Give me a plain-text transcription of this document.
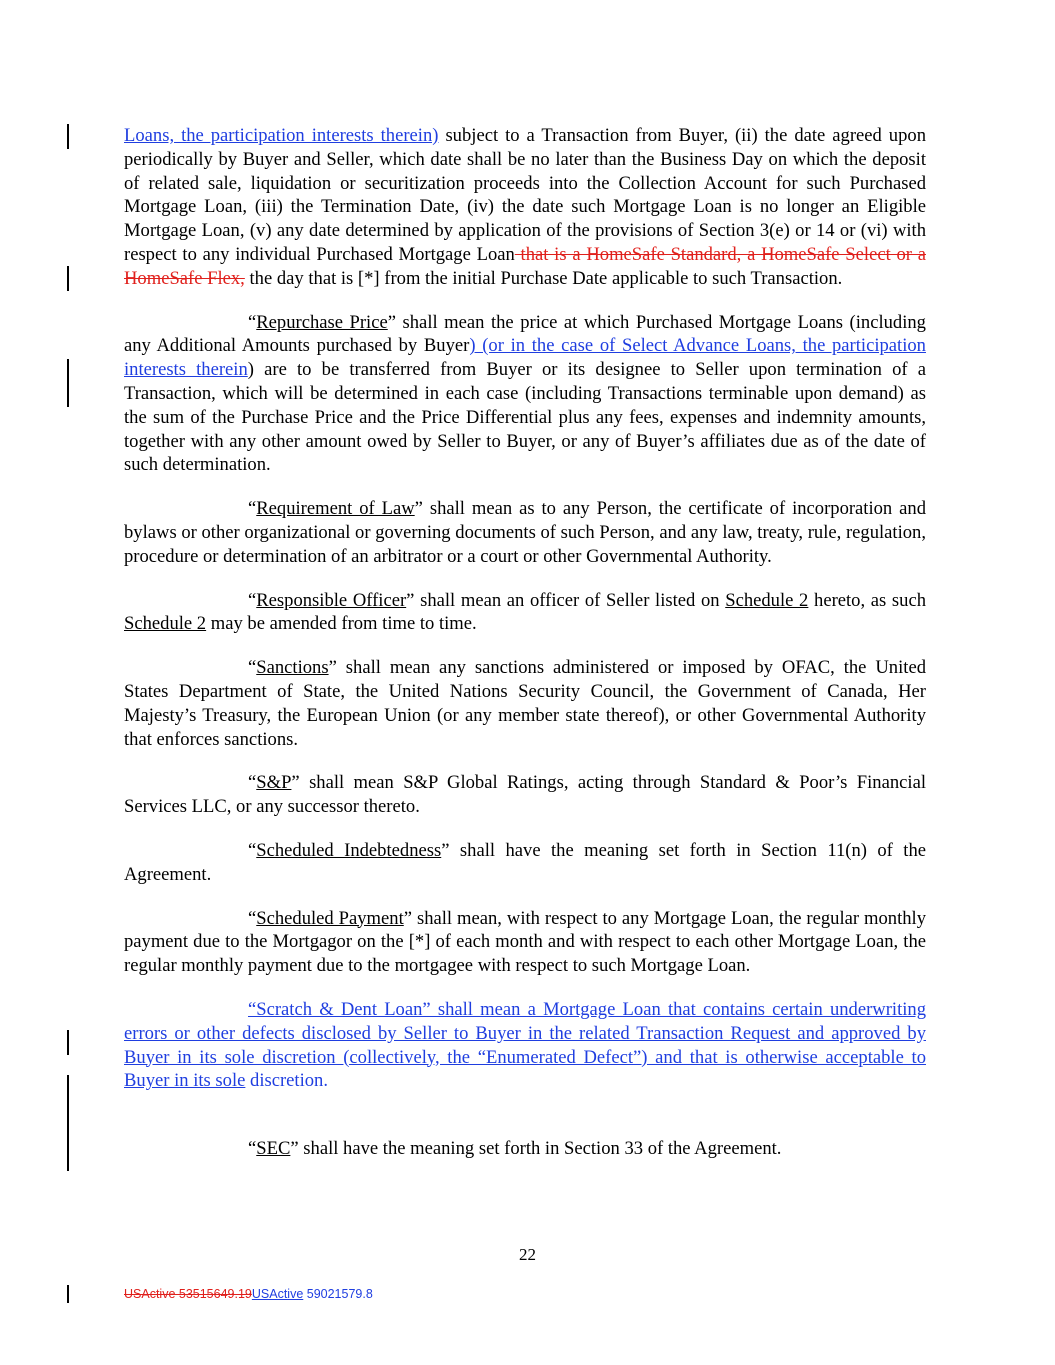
Loans, the participation interests therein) subject to a Transaction from Buyer, (ii) the date agreed upon periodically by Buyer and Seller, which date shall be no later than the Business Day on which the deposit of related sale, liquidation or securitization proceeds into the Collection Account for such Purchased Mortgage Loan, (iii) the Termination Date, (iv) the date such Mortgage Loan is no longer an Eligible Mortgage Loan, (v) any date determined by application of the provisions of Section 3(e) or 14 or (vi) with respect to any individual Purchased Mortgage Loan that is a HomeSafe Standard, a HomeSafe Select or a HomeSafe Flex, the day that is [*] from the initial Purchase Date applicable to such Transaction.

“Repurchase Price” shall mean the price at which Purchased Mortgage Loans (including any Additional Amounts purchased by Buyer) (or in the case of Select Advance Loans, the participation interests therein) are to be transferred from Buyer or its designee to Seller upon termination of a Transaction, which will be determined in each case (including Transactions terminable upon demand) as the sum of the Purchase Price and the Price Differential plus any fees, expenses and indemnity amounts, together with any other amount owed by Seller to Buyer, or any of Buyer’s affiliates due as of the date of such determination.

“Requirement of Law” shall mean as to any Person, the certificate of incorporation and bylaws or other organizational or governing documents of such Person, and any law, treaty, rule, regulation, procedure or determination of an arbitrator or a court or other Governmental Authority.

“Responsible Officer” shall mean an officer of Seller listed on Schedule 2 hereto, as such Schedule 2 may be amended from time to time.

“Sanctions” shall mean any sanctions administered or imposed by OFAC, the United States Department of State, the United Nations Security Council, the Government of Canada, Her Majesty’s Treasury, the European Union (or any member state thereof), or other Governmental Authority that enforces sanctions.

“S&P” shall mean S&P Global Ratings, acting through Standard & Poor’s Financial Services LLC, or any successor thereto.

“Scheduled Indebtedness” shall have the meaning set forth in Section 11(n) of the Agreement.

“Scheduled Payment” shall mean, with respect to any Mortgage Loan, the regular monthly payment due to the Mortgagor on the [*] of each month and with respect to each other Mortgage Loan, the regular monthly payment due to the mortgagee with respect to such Mortgage Loan.

“Scratch & Dent Loan” shall mean a Mortgage Loan that contains certain underwriting errors or other defects disclosed by Seller to Buyer in the related Transaction Request and approved by Buyer in its sole discretion (collectively, the “Enumerated Defect”) and that is otherwise acceptable to Buyer in its sole discretion.

“SEC” shall have the meaning set forth in Section 33 of the Agreement.

22
USActive 53515649.19USActive 59021579.8
